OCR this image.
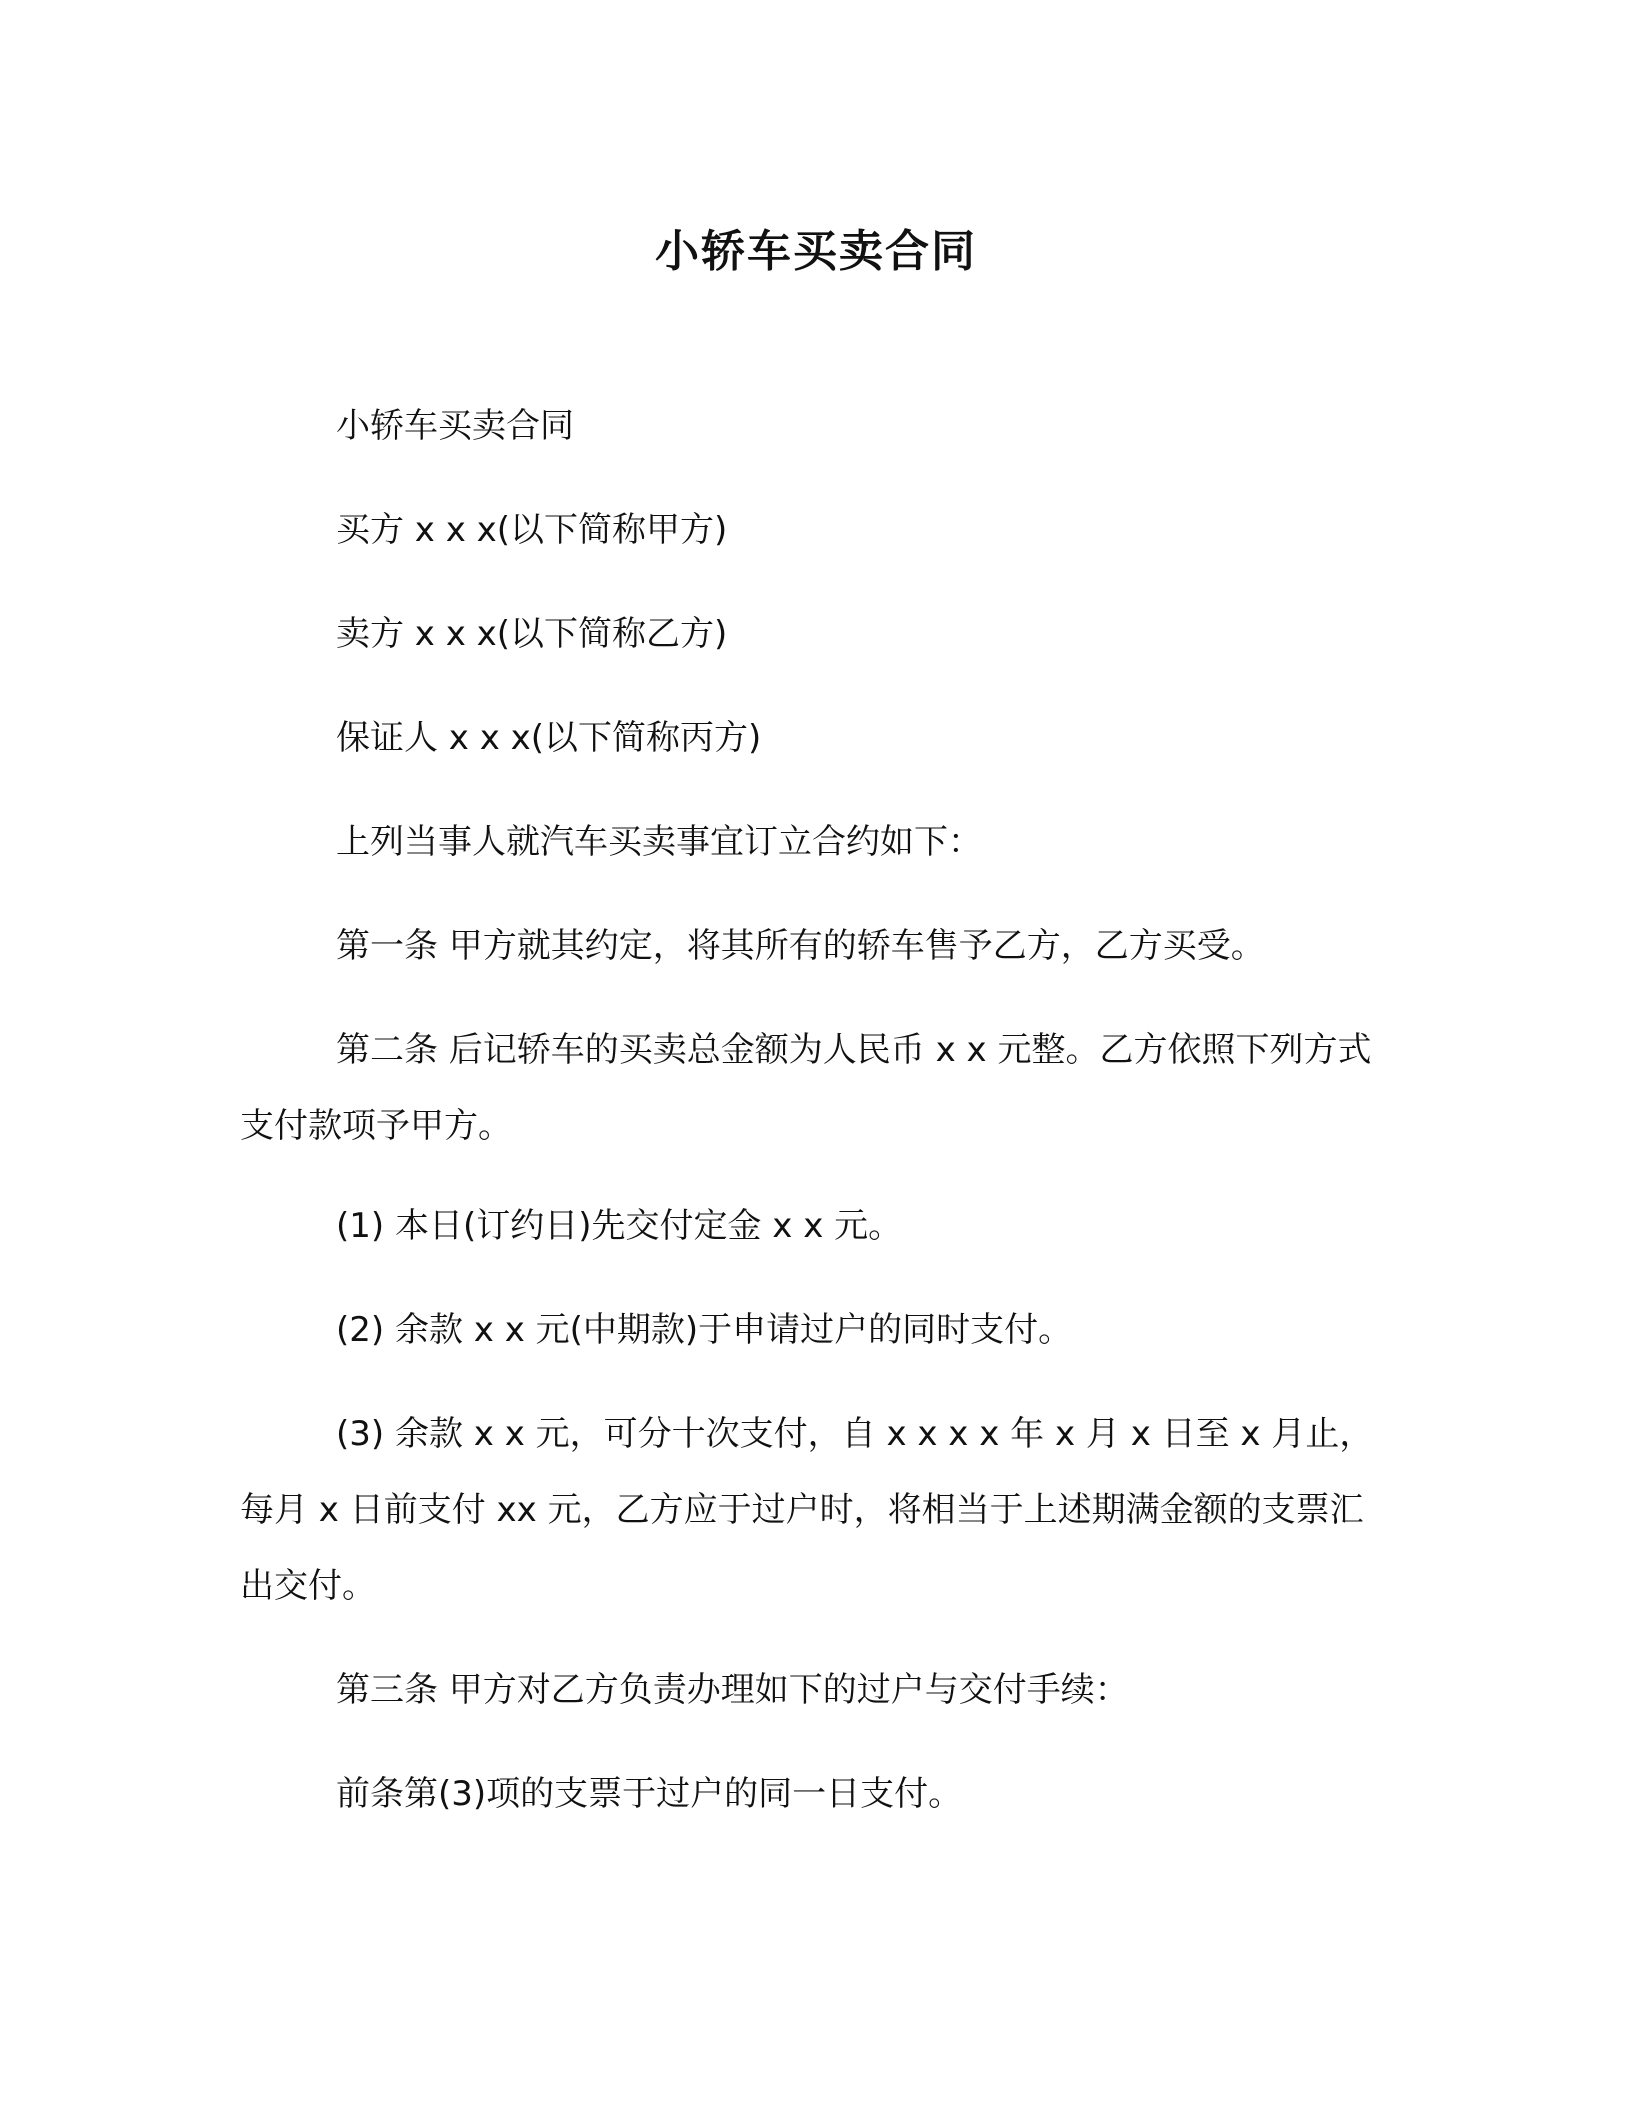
小轿车买卖合同
小轿车买卖合同
买方 x x x(以下简称甲方)
卖方 x x x(以下简称乙方)
保证人 x x x(以下简称丙方)
上列当事人就汽车买卖事宜订立合约如下：
第一条 甲方就其约定，将其所有的轿车售予乙方，乙方买受。
第二条 后记轿车的买卖总金额为人民币 x x 元整。乙方依照下列方式支付款项予甲方。
(1) 本日(订约日)先交付定金 x x 元。
(2) 余款 x x 元(中期款)于申请过户的同时支付。
(3) 余款 x x 元，可分十次支付，自 x x x x 年 x 月 x 日至 x 月止，每月 x 日前支付 xx 元，乙方应于过户时，将相当于上述期满金额的支票汇出交付。
第三条 甲方对乙方负责办理如下的过户与交付手续：
前条第(3)项的支票于过户的同一日支付。
